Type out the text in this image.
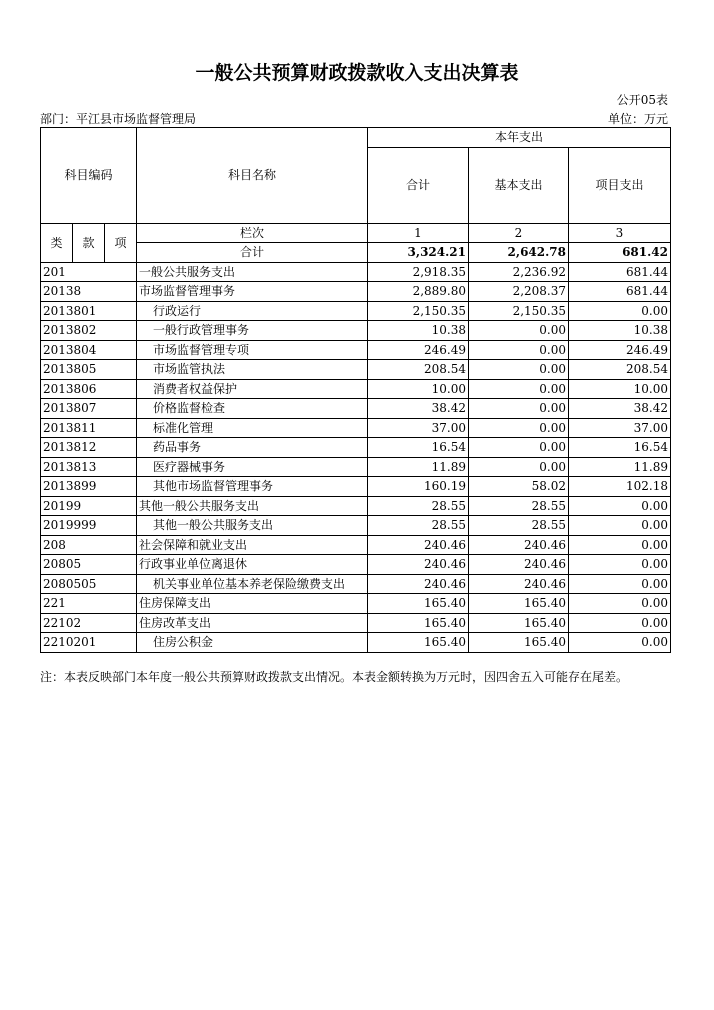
一般公共预算财政拨款收入支出决算表
公开05表
部门：平江县市场监督管理局	单位：万元
科目编码			科目名称	本年支出		
				合计	基本支出	项目支出
类	款	项	栏次	1	2	3
			合计	3,324.21	2,642.78	681.42
201			一般公共服务支出	2,918.35	2,236.92	681.44
20138			市场监督管理事务	2,889.80	2,208.37	681.44
2013801			行政运行	2,150.35	2,150.35	0.00
2013802			一般行政管理事务	10.38	0.00	10.38
2013804			市场监督管理专项	246.49	0.00	246.49
2013805			市场监管执法	208.54	0.00	208.54
2013806			消费者权益保护	10.00	0.00	10.00
2013807			价格监督检查	38.42	0.00	38.42
2013811			标准化管理	37.00	0.00	37.00
2013812			药品事务	16.54	0.00	16.54
2013813			医疗器械事务	11.89	0.00	11.89
2013899			其他市场监督管理事务	160.19	58.02	102.18
20199			其他一般公共服务支出	28.55	28.55	0.00
2019999			其他一般公共服务支出	28.55	28.55	0.00
208			社会保障和就业支出	240.46	240.46	0.00
20805			行政事业单位离退休	240.46	240.46	0.00
2080505			机关事业单位基本养老保险缴费支出	240.46	240.46	0.00
221			住房保障支出	165.40	165.40	0.00
22102			住房改革支出	165.40	165.40	0.00
2210201			住房公积金	165.40	165.40	0.00
注：本表反映部门本年度一般公共预算财政拨款支出情况。本表金额转换为万元时，因四舍五入可能存在尾差。
